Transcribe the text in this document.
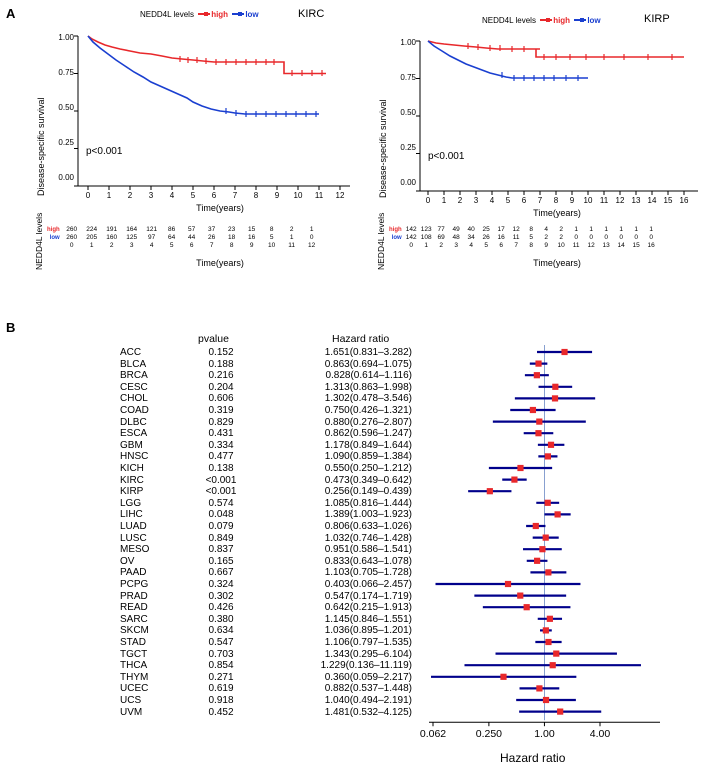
A
B
NEDD4L levels high low	KIRC
Disease-specific survival
1.00
0.75
0.50
0.25
0.00
p<0.001
0	1	2	3	4	5	6	7	8	9	10	11	12
Time(years)
NEDD4L levels high	260	224	191	164	121	86	57	37	23	15	8	2	1
low	260	205	160	125	97	64	44	26	18	16	5	1	0
	0	1	2	3	4	5	6	7	8	9	10	11	12
Time(years)
NEDD4L levels high low	KIRP
Disease-specific survival
1.00
0.75
0.50
0.25
0.00
p<0.001
0	1	2	3	4	5	6	7	8	9	10 11 12 13 14 15 16
Time(years)
NEDD4L levels high	142	123	77	49	40	25	17	12	8	4	2	1	1	1	1	1	1
low	142	108	69	48	34	26	16	11	5	2	2	0	0	0	0	0	0
	0	1	2	3	4	5	6	7	8	9	10	11	12	13	14	15	16
Time(years)
pvalue	Hazard ratio
ACC	0.152	1.651(0.831–3.282)
BLCA	0.188	0.863(0.694–1.075)
BRCA	0.216	0.828(0.614–1.116)
CESC	0.204	1.313(0.863–1.998)
CHOL	0.606	1.302(0.478–3.546)
COAD	0.319	0.750(0.426–1.321)
DLBC	0.829	0.880(0.276–2.807)
ESCA	0.431	0.862(0.596–1.247)
GBM	0.334	1.178(0.849–1.644)
HNSC	0.477	1.090(0.859–1.384)
KICH	0.138	0.550(0.250–1.212)
KIRC	<0.001	0.473(0.349–0.642)
KIRP	<0.001	0.256(0.149–0.439)
LGG	0.574	1.085(0.816–1.444)
LIHC	0.048	1.389(1.003–1.923)
LUAD	0.079	0.806(0.633–1.026)
LUSC	0.849	1.032(0.746–1.428)
MESO	0.837	0.951(0.586–1.541)
OV	0.165	0.833(0.643–1.078)
PAAD	0.667	1.103(0.705–1.728)
PCPG	0.324	0.403(0.066–2.457)
PRAD	0.302	0.547(0.174–1.719)
READ	0.426	0.642(0.215–1.913)
SARC	0.380	1.145(0.846–1.551)
SKCM	0.634	1.036(0.895–1.201)
STAD	0.547	1.106(0.797–1.535)
TGCT	0.703	1.343(0.295–6.104)
THCA	0.854	1.229(0.136–11.119)
THYM	0.271	0.360(0.059–2.217)
UCEC	0.619	0.882(0.537–1.448)
UCS	0.918	1.040(0.494–2.191)
UVM	0.452	1.481(0.532–4.125)
0.062	0.250	1.00	4.00
Hazard ratio
